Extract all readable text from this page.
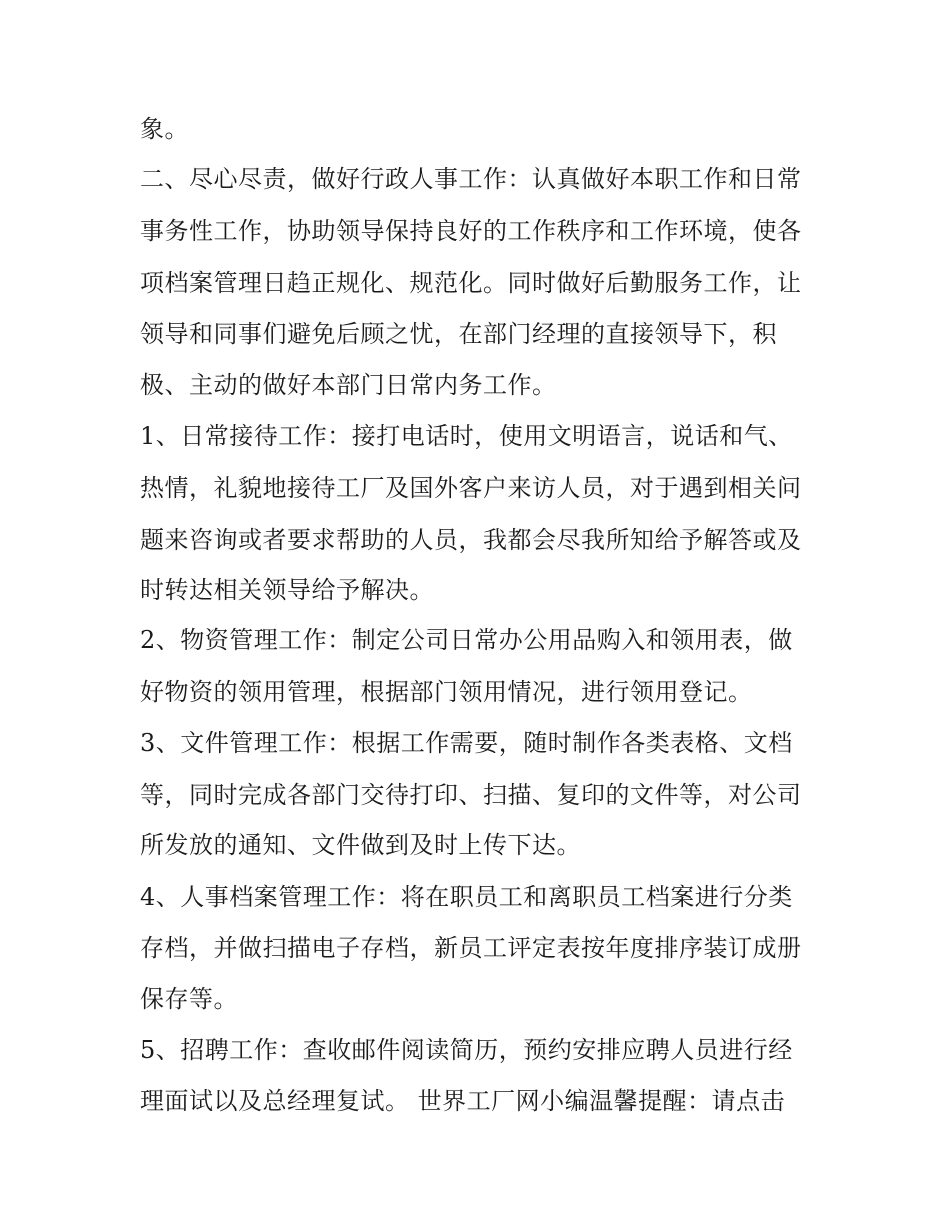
象。
二、尽心尽责，做好行政人事工作：认真做好本职工作和日常
事务性工作，协助领导保持良好的工作秩序和工作环境，使各
项档案管理日趋正规化、规范化。同时做好后勤服务工作，让
领导和同事们避免后顾之忧，在部门经理的直接领导下，积
极、主动的做好本部门日常内务工作。
1、日常接待工作：接打电话时，使用文明语言，说话和气、
热情，礼貌地接待工厂及国外客户来访人员，对于遇到相关问
题来咨询或者要求帮助的人员，我都会尽我所知给予解答或及
时转达相关领导给予解决。
2、物资管理工作：制定公司日常办公用品购入和领用表，做
好物资的领用管理，根据部门领用情况，进行领用登记。
3、文件管理工作：根据工作需要，随时制作各类表格、文档
等，同时完成各部门交待打印、扫描、复印的文件等，对公司
所发放的通知、文件做到及时上传下达。
4、人事档案管理工作：将在职员工和离职员工档案进行分类
存档，并做扫描电子存档，新员工评定表按年度排序装订成册
保存等。
5、招聘工作：查收邮件阅读简历，预约安排应聘人员进行经
理面试以及总经理复试。 世界工厂网小编温馨提醒：请点击
